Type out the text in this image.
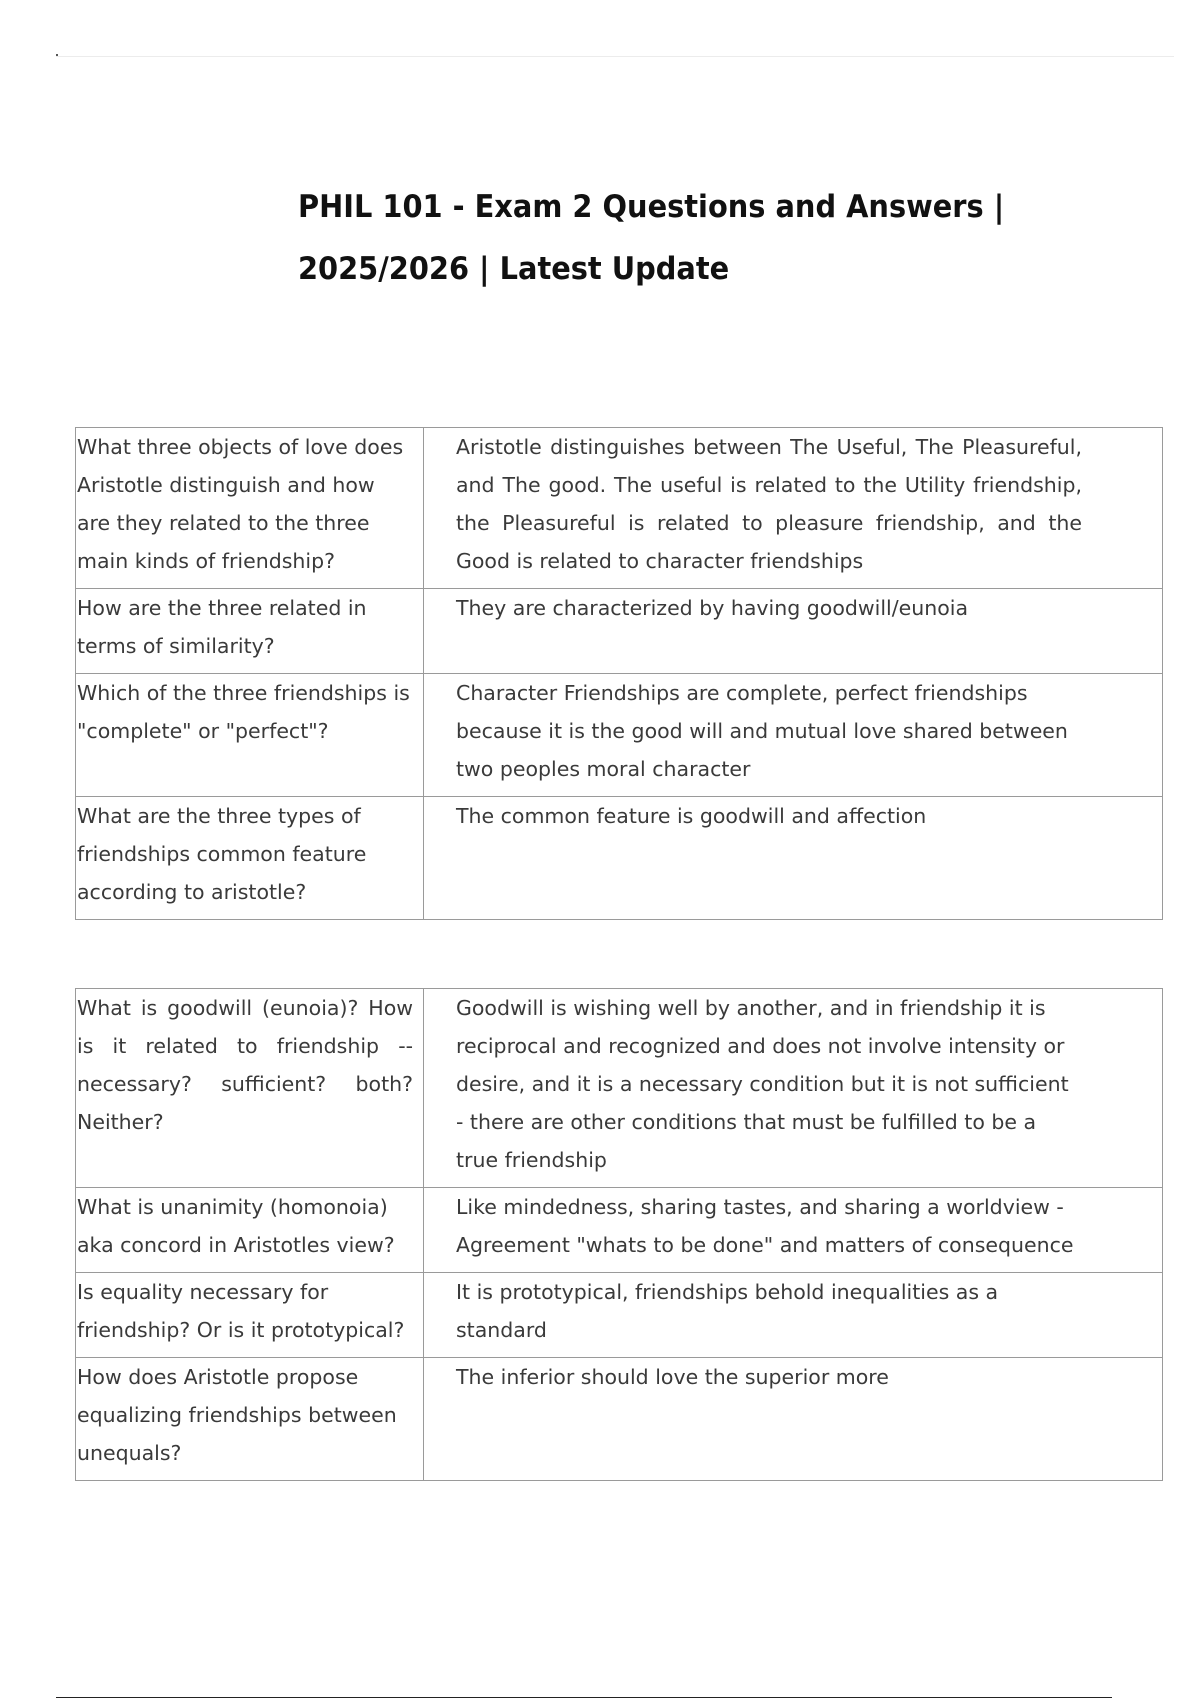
PHIL 101 - Exam 2 Questions and Answers | 2025/2026 | Latest Update
What three objects of love does Aristotle distinguish and how are they related to the three main kinds of friendship?	Aristotle distinguishes between The Useful, The Pleasureful, and The good. The useful is related to the Utility friendship, the Pleasureful is related to pleasure friendship, and the Good is related to character friendships
How are the three related in terms of similarity?	They are characterized by having goodwill/eunoia
Which of the three friendships is "complete" or "perfect"?	Character Friendships are complete, perfect friendships because it is the good will and mutual love shared between two peoples moral character
What are the three types of friendships common feature according to aristotle?	The common feature is goodwill and affection
What is goodwill (eunoia)? How is it related to friendship -- necessary? sufficient? both? Neither?	Goodwill is wishing well by another, and in friendship it is reciprocal and recognized and does not involve intensity or desire, and it is a necessary condition but it is not sufficient - there are other conditions that must be fulfilled to be a true friendship
What is unanimity (homonoia) aka concord in Aristotles view?	Like mindedness, sharing tastes, and sharing a worldview - Agreement "whats to be done" and matters of consequence
Is equality necessary for friendship? Or is it prototypical?	It is prototypical, friendships behold inequalities as a standard
How does Aristotle propose equalizing friendships between unequals?	The inferior should love the superior more
